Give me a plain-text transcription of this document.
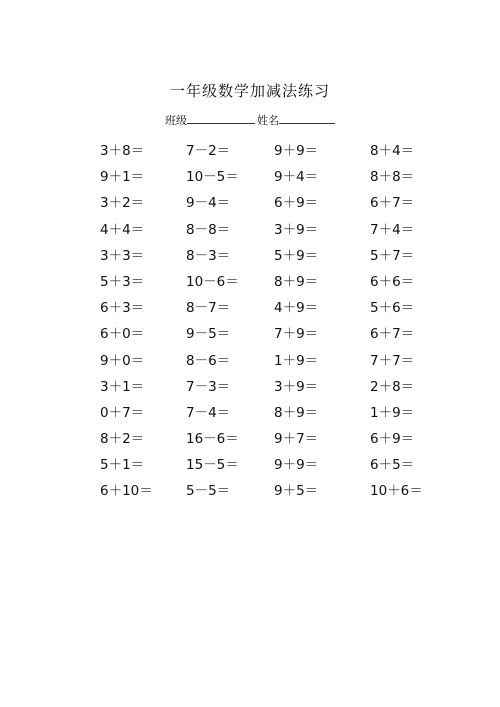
一年级数学加减法练习
班级	姓名
3＋8＝	7－2＝	9＋9＝	8＋4＝
9＋1＝	10－5＝	9＋4＝	8＋8＝
3＋2＝	9－4＝	6＋9＝	6＋7＝
4＋4＝	8－8＝	3＋9＝	7＋4＝
3＋3＝	8－3＝	5＋9＝	5＋7＝
5＋3＝	10－6＝	8＋9＝	6＋6＝
6＋3＝	8－7＝	4＋9＝	5＋6＝
6＋0＝	9－5＝	7＋9＝	6＋7＝
9＋0＝	8－6＝	1＋9＝	7＋7＝
3＋1＝	7－3＝	3＋9＝	2＋8＝
0＋7＝	7－4＝	8＋9＝	1＋9＝
8＋2＝	16－6＝	9＋7＝	6＋9＝
5＋1＝	15－5＝	9＋9＝	6＋5＝
6＋10＝ 5－5＝	9＋5＝	10＋6＝
